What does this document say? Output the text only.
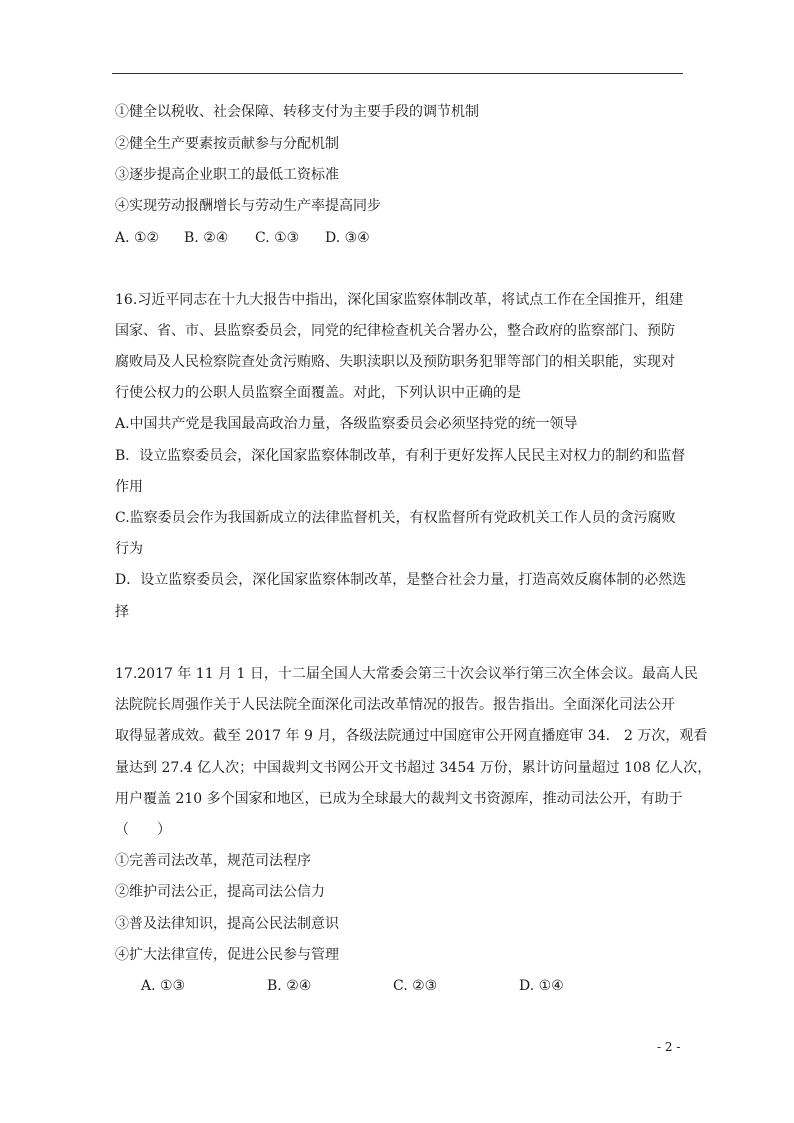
①健全以税收、社会保障、转移支付为主要手段的调节机制
②健全生产要素按贡献参与分配机制
③逐步提高企业职工的最低工资标准
④实现劳动报酬增长与劳动生产率提高同步
A. ①② B. ②④ C. ①③ D. ③④
16.习近平同志在十九大报告中指出，深化国家监察体制改革，将试点工作在全国推开，组建
国家、省、市、县监察委员会，同党的纪律检查机关合署办公，整合政府的监察部门、预防
腐败局及人民检察院查处贪污贿赂、失职渎职以及预防职务犯罪等部门的相关职能，实现对
行使公权力的公职人员监察全面覆盖。对此，下列认识中正确的是
A.中国共产党是我国最高政治力量，各级监察委员会必须坚持党的统一领导
B．设立监察委员会，深化国家监察体制改革，有利于更好发挥人民民主对权力的制约和监督
作用
C.监察委员会作为我国新成立的法律监督机关，有权监督所有党政机关工作人员的贪污腐败
行为
D．设立监察委员会，深化国家监察体制改革，是整合社会力量，打造高效反腐体制的必然选
择
17.2017 年 11 月 1 日，十二届全国人大常委会第三十次会议举行第三次全体会议。最高人民
法院院长周强作关于人民法院全面深化司法改革情况的报告。报告指出。全面深化司法公开
取得显著成效。截至 2017 年 9 月，各级法院通过中国庭审公开网直播庭审 34． 2 万次，观看
量达到 27.4 亿人次；中国裁判文书网公开文书超过 3454 万份，累计访问量超过 108 亿人次，
用户覆盖 210 多个国家和地区，已成为全球最大的裁判文书资源库，推动司法公开，有助于
（　　）
①完善司法改革，规范司法程序
②维护司法公正，提高司法公信力
③普及法律知识，提高公民法制意识
④扩大法律宣传，促进公民参与管理
A. ①③	B. ②④	C. ②③	D. ①④
- 2 -
